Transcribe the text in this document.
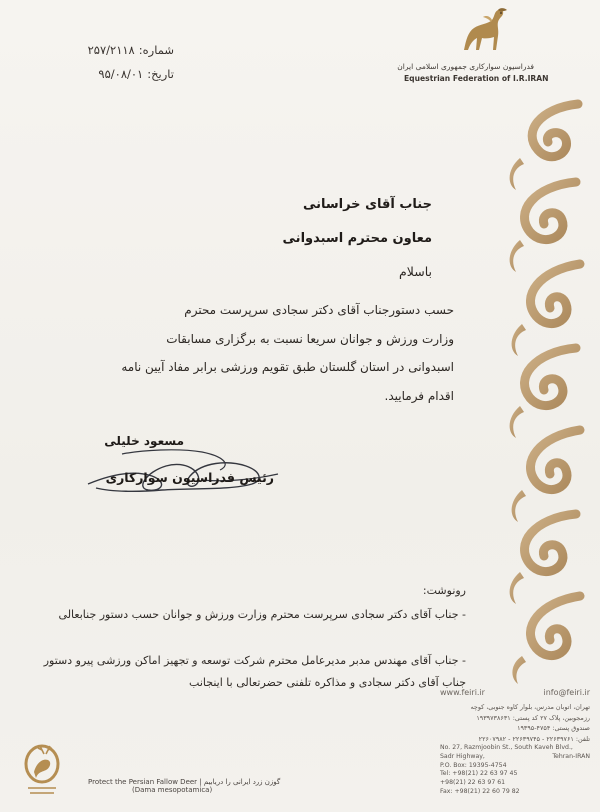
شماره:
۲۵۷/۲۱۱۸
تاریخ:
۹۵/۰۸/۰۱
فدراسیون سوارکاری جمهوری اسلامی ایران
Equestrian Federation of I.R.IRAN
جناب آقای خراسانی
معاون محترم اسبدوانی
باسلام

حسب دستورجناب آقای دکتر سجادی سرپرست محترم

وزارت ورزش و جوانان سریعا نسبت به برگزاری مسابقات

اسبدوانی در استان گلستان طبق تقویم ورزشی برابر مفاد آیین نامه

اقدام فرمایید.

مسعود خلیلی
رئیس فدراسیون سوارکاری
رونوشت:
- جناب آقای دکتر سجادی سرپرست محترم وزارت ورزش و جوانان حسب دستور جنابعالی
- جناب آقای مهندس مدبر مدیرعامل محترم شرکت توسعه و تجهیز اماکن ورزشی پیرو دستور جناب آقای دکتر سجادی و مذاکره تلفنی حضرتعالی با اینجانب
www.feiri.ir	info@feiri.ir
تهران، اتوبان مدرس، بلوار کاوه جنوبی، کوچه
رزمجوبین، پلاک ۲۷ کد پستی: ۱۹۳۹۷۳۸۶۳۱
صندوق پستی: ۴۷۵۴-۱۹۳۹۵
تلفن: ۲۲۶۳۹۷۶۱ - ۲۲۶۳۹۷۴۵ - ۲۲۶۰۷۹۸۲
No. 27, Razmjoobin St., South Kaveh Blvd.,
Sadr Highway,	Tehran-IRAN
P.O. Box: 19395-4754
Tel: +98(21) 22 63 97 45
+98(21) 22 63 97 61
Fax: +98(21) 22 60 79 82
Protect the Persian Fallow Deer | گوزن زرد ایرانی را دریابیم
(Dama mesopotamica)
